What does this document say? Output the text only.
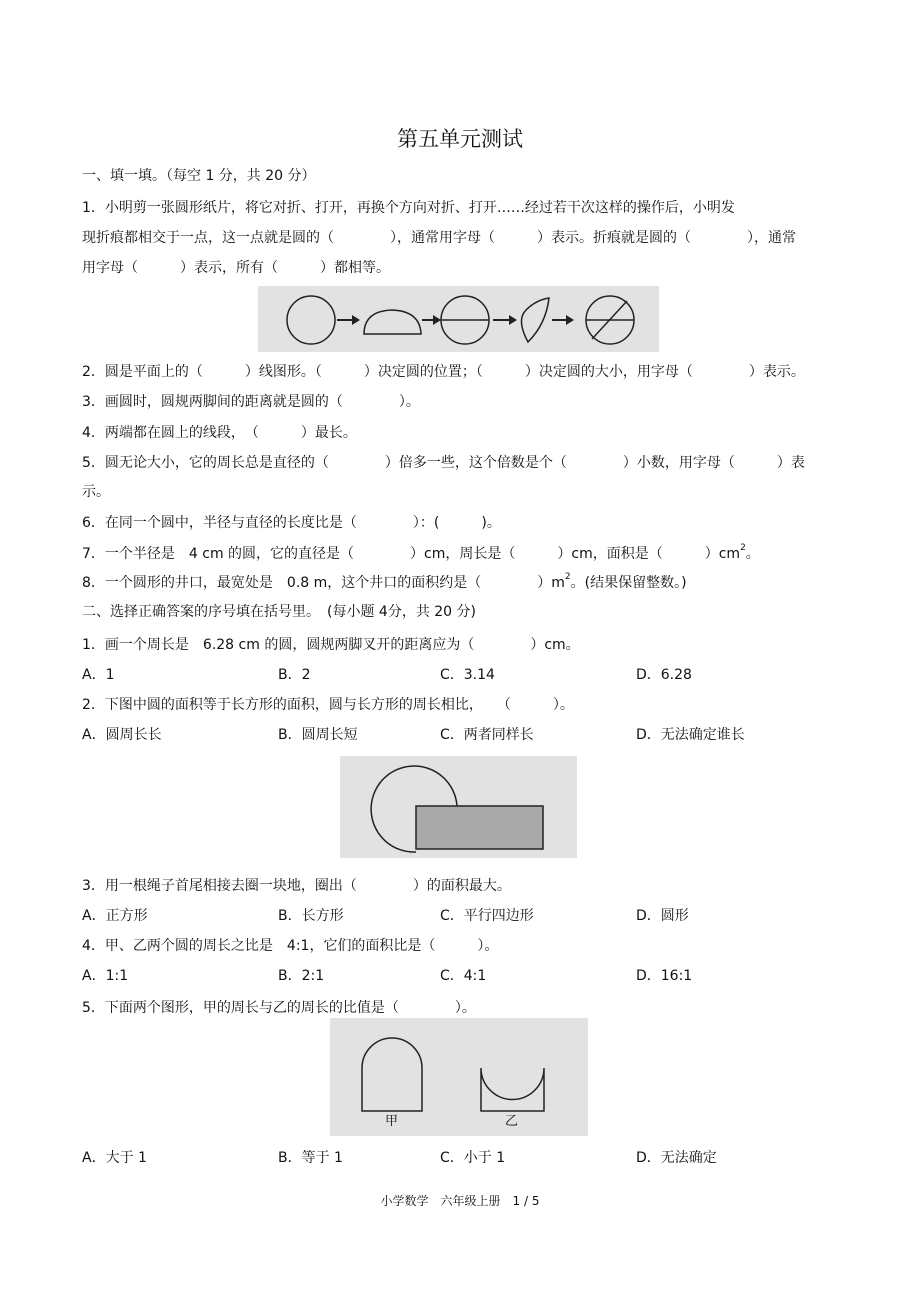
第五单元测试
一、填一填。（每空 1 分，共 20 分）
1．小明剪一张圆形纸片，将它对折、打开，再换个方向对折、打开……经过若干次这样的操作后，小明发
现折痕都相交于一点，这一点就是圆的（　　　　），通常用字母（　　　）表示。折痕就是圆的（　　　　），通常
用字母（　　　）表示，所有（　　　）都相等。
2．圆是平面上的（　　　）线图形。（　　　）决定圆的位置；（　　　）决定圆的大小，用字母（　　　　）表示。
3．画圆时，圆规两脚间的距离就是圆的（　　　　）。
4．两端都在圆上的线段，　（　　　）最长。
5．圆无论大小，它的周长总是直径的（　　　　）倍多一些，这个倍数是个（　　　　）小数，用字母（　　　）表
示。
6．在同一个圆中，半径与直径的长度比是（　　　　）：(　　　)。
7．一个半径是　4 cm 的圆，它的直径是（　　　　）cm，周长是（　　　）cm，面积是（　　　）$cm^2$。
8．一个圆形的井口，最宽处是　0.8 m，这个井口的面积约是（　　　　）$m^2$。(结果保留整数。)
二、选择正确答案的序号填在括号里。　(每小题 4分，共 20 分)
1．画一个周长是　6.28 cm 的圆，圆规两脚叉开的距离应为（　　　　）cm。
A．1	B．2	C．3.14	D．6.28
2．下图中圆的面积等于长方形的面积，圆与长方形的周长相比，　　（　　　）。
A．圆周长长	B．圆周长短	C．两者同样长	D．无法确定谁长
3．用一根绳子首尾相接去圈一块地，圈出（　　　　）的面积最大。
A．正方形	B．长方形	C．平行四边形	D．圆形
4．甲、乙两个圆的周长之比是　4:1，它们的面积比是（　　　）。
A．1:1	B．2:1	C．4:1	D．16:1
5．下面两个图形，甲的周长与乙的周长的比值是（　　　　）。
甲	乙
A．大于 1	B．等于 1	C．小于 1	D．无法确定
小学数学　六年级上册　1 / 5
